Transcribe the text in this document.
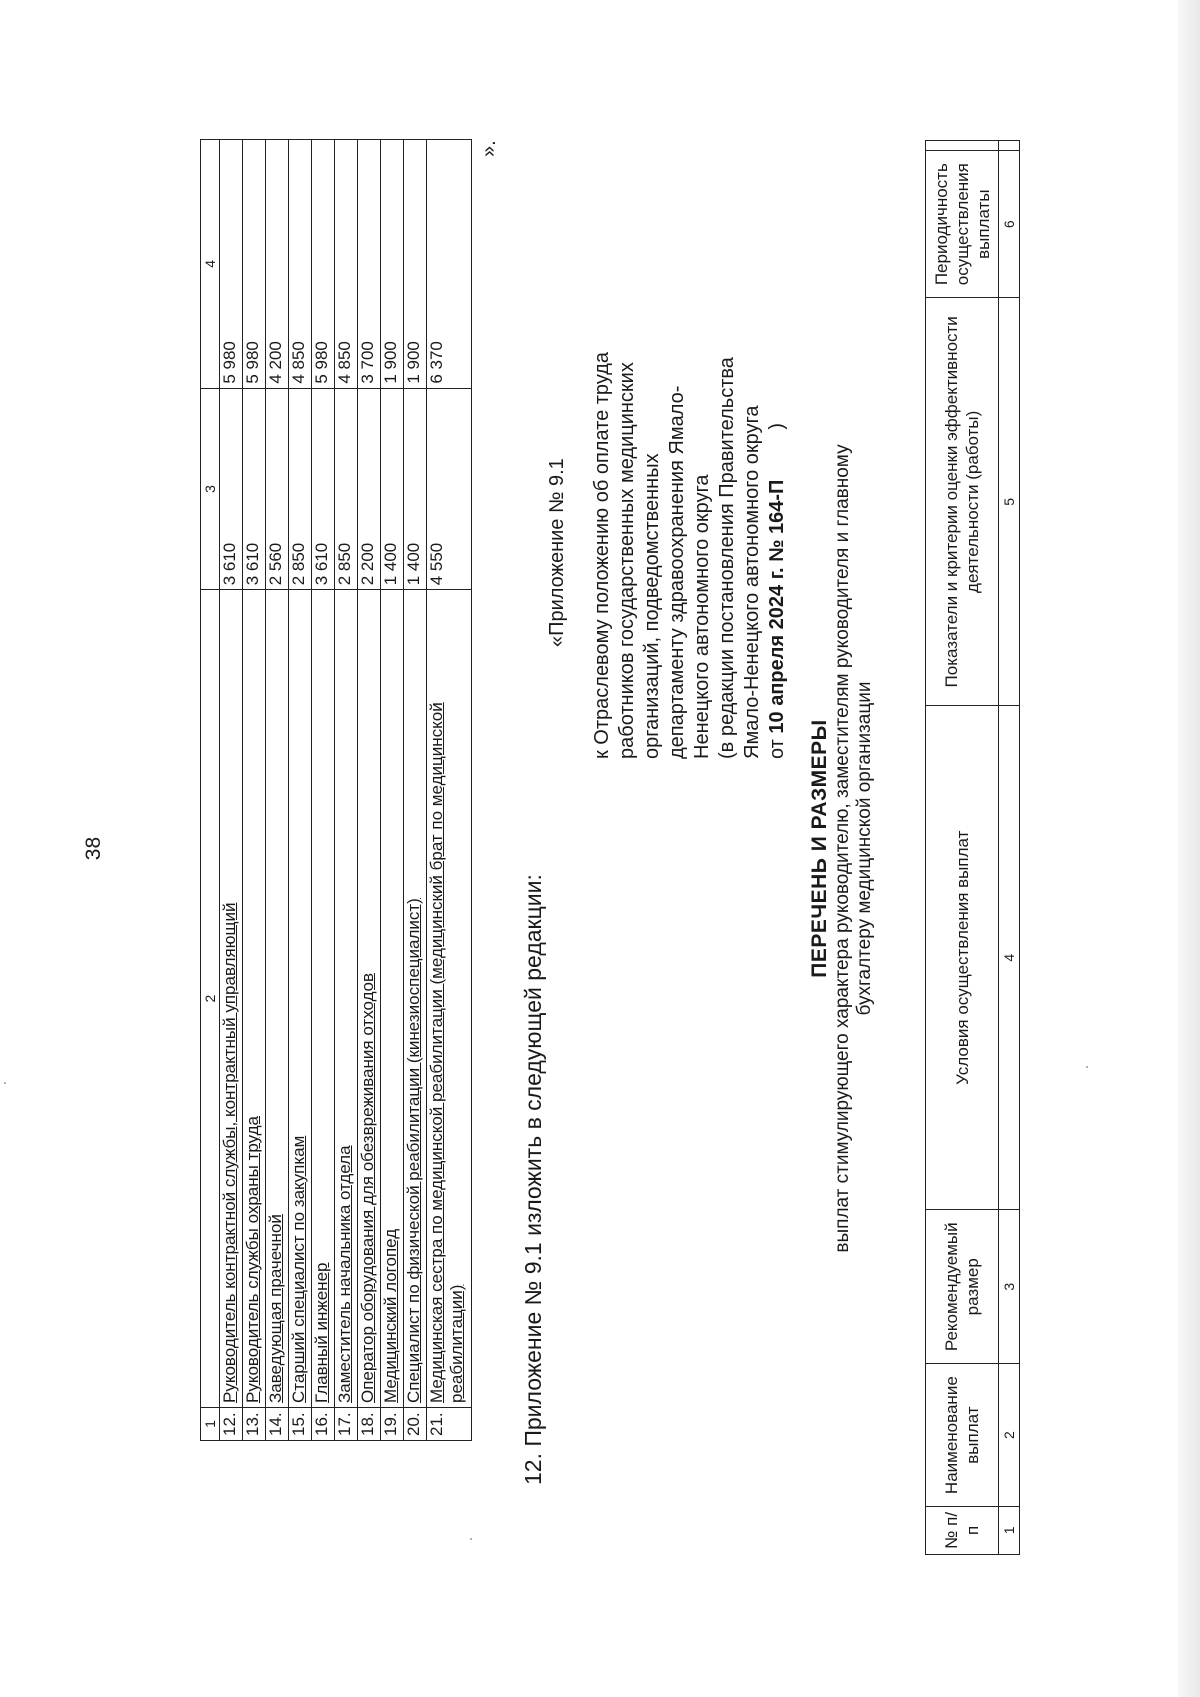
38

1	2	3	4
12.	Руководитель контрактной службы, контрактный управляющий	3 610	5 980
13.	Руководитель службы охраны труда	3 610	5 980
14.	Заведующая прачечной	2 560	4 200
15.	Старший специалист по закупкам	2 850	4 850
16.	Главный инженер	3 610	5 980
17.	Заместитель начальника отдела	2 850	4 850
18.	Оператор оборудования для обезвреживания отходов	2 200	3 700
19.	Медицинский логопед	1 400	1 900
20.	Специалист по физической реабилитации (кинезиоспециалист)	1 400	1 900
21.	Медицинская сестра по медицинской реабилитации (медицинский брат по медицинской реабилитации)	4 550	6 370

».

12. Приложение № 9.1 изложить в следующей редакции:

«Приложение № 9.1 к Отраслевому положению об оплате труда работников государственных медицинских организаций, подведомственных департаменту здравоохранения Ямало- Ненецкого автономного округа (в редакции постановления Правительства Ямало-Ненецкого автономного округа от 10 апреля 2024 г. № 164-П)

ПЕРЕЧЕНЬ И РАЗМЕРЫ выплат стимулирующего характера руководителю, заместителям руководителя и главному бухгалтеру медицинской организации

№ п/п	Наименование выплат	Рекомендуемый размер	Условия осуществления выплат	Показатели и критерии оценки эффективности деятельности (работы)	Периодичность осуществления выплаты	
1	2	3	4	5	6	
